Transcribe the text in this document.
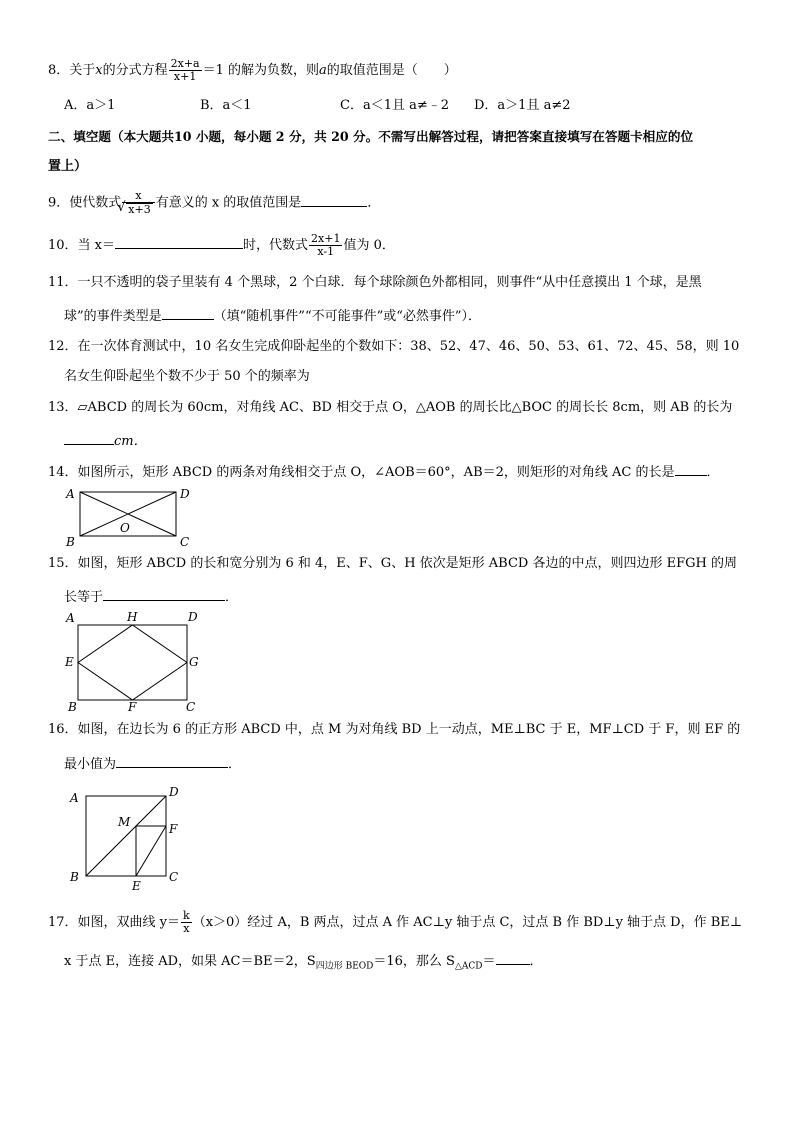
8．关于x的分式方程 $\frac{2x+a}{x+1} =1$ 的解为负数，则a的取值范围是（　　）
A．a＞1	B．a＜1	C．a＜1且 a≠﹣2 D．a＞1且 a≠2
二、填空题（本大题共10 小题，每小题 2 分，共 20 分。不需写出解答过程，请把答案直接填写在答题卡相应的位
置上）
9．使代数式 x
√ x+3 有意义的 x 的取值范围是	．
10．当 x＝	时，代数式 $\frac{2x+1}{x-1}$ 值为 0．
11．一只不透明的袋子里装有 4 个黑球，2 个白球．每个球除颜色外都相同，则事件“从中任意摸出 1 个球，是黑
球”的事件类型是	（填“随机事件”“不可能事件”或“必然事件”）．
12．在一次体育测试中，10 名女生完成仰卧起坐的个数如下：38、52、47、46、50、53、61、72、45、58，则 10
名女生仰卧起坐个数不少于 50 个的频率为
13．▱ABCD 的周长为 60cm，对角线 AC、BD 相交于点 O，△AOB 的周长比△BOC 的周长长 8cm，则 AB 的长为
cm．
14．如图所示，矩形 ABCD 的两条对角线相交于点 O，∠AOB＝60°，AB＝2，则矩形的对角线 AC 的长是 ．
A	D
B	C
O
15．如图，矩形 ABCD 的长和宽分别为 6 和 4，E、F、G、H 依次是矩形 ABCD 各边的中点，则四边形 EFGH 的周
长等于	．
A	H	D
E	G
B	F	C
16．如图，在边长为 6 的正方形 ABCD 中，点 M 为对角线 BD 上一动点，ME⊥BC 于 E，MF⊥CD 于 F，则 EF 的
最小值为	．
A	D
M	F
B
E
C
17．如图，双曲线 $y= \frac{k}{x} (x>0)$经过 A，B 两点，过点 A 作 AC⊥y 轴于点 C，过点 B 作 BD⊥y 轴于点 D，作 BE⊥
x 于点 E，连接 AD，如果 AC＝BE＝2，$S_{四边形 BEOD}=16$，那么 $S_{\triangle ACD}=$	．
